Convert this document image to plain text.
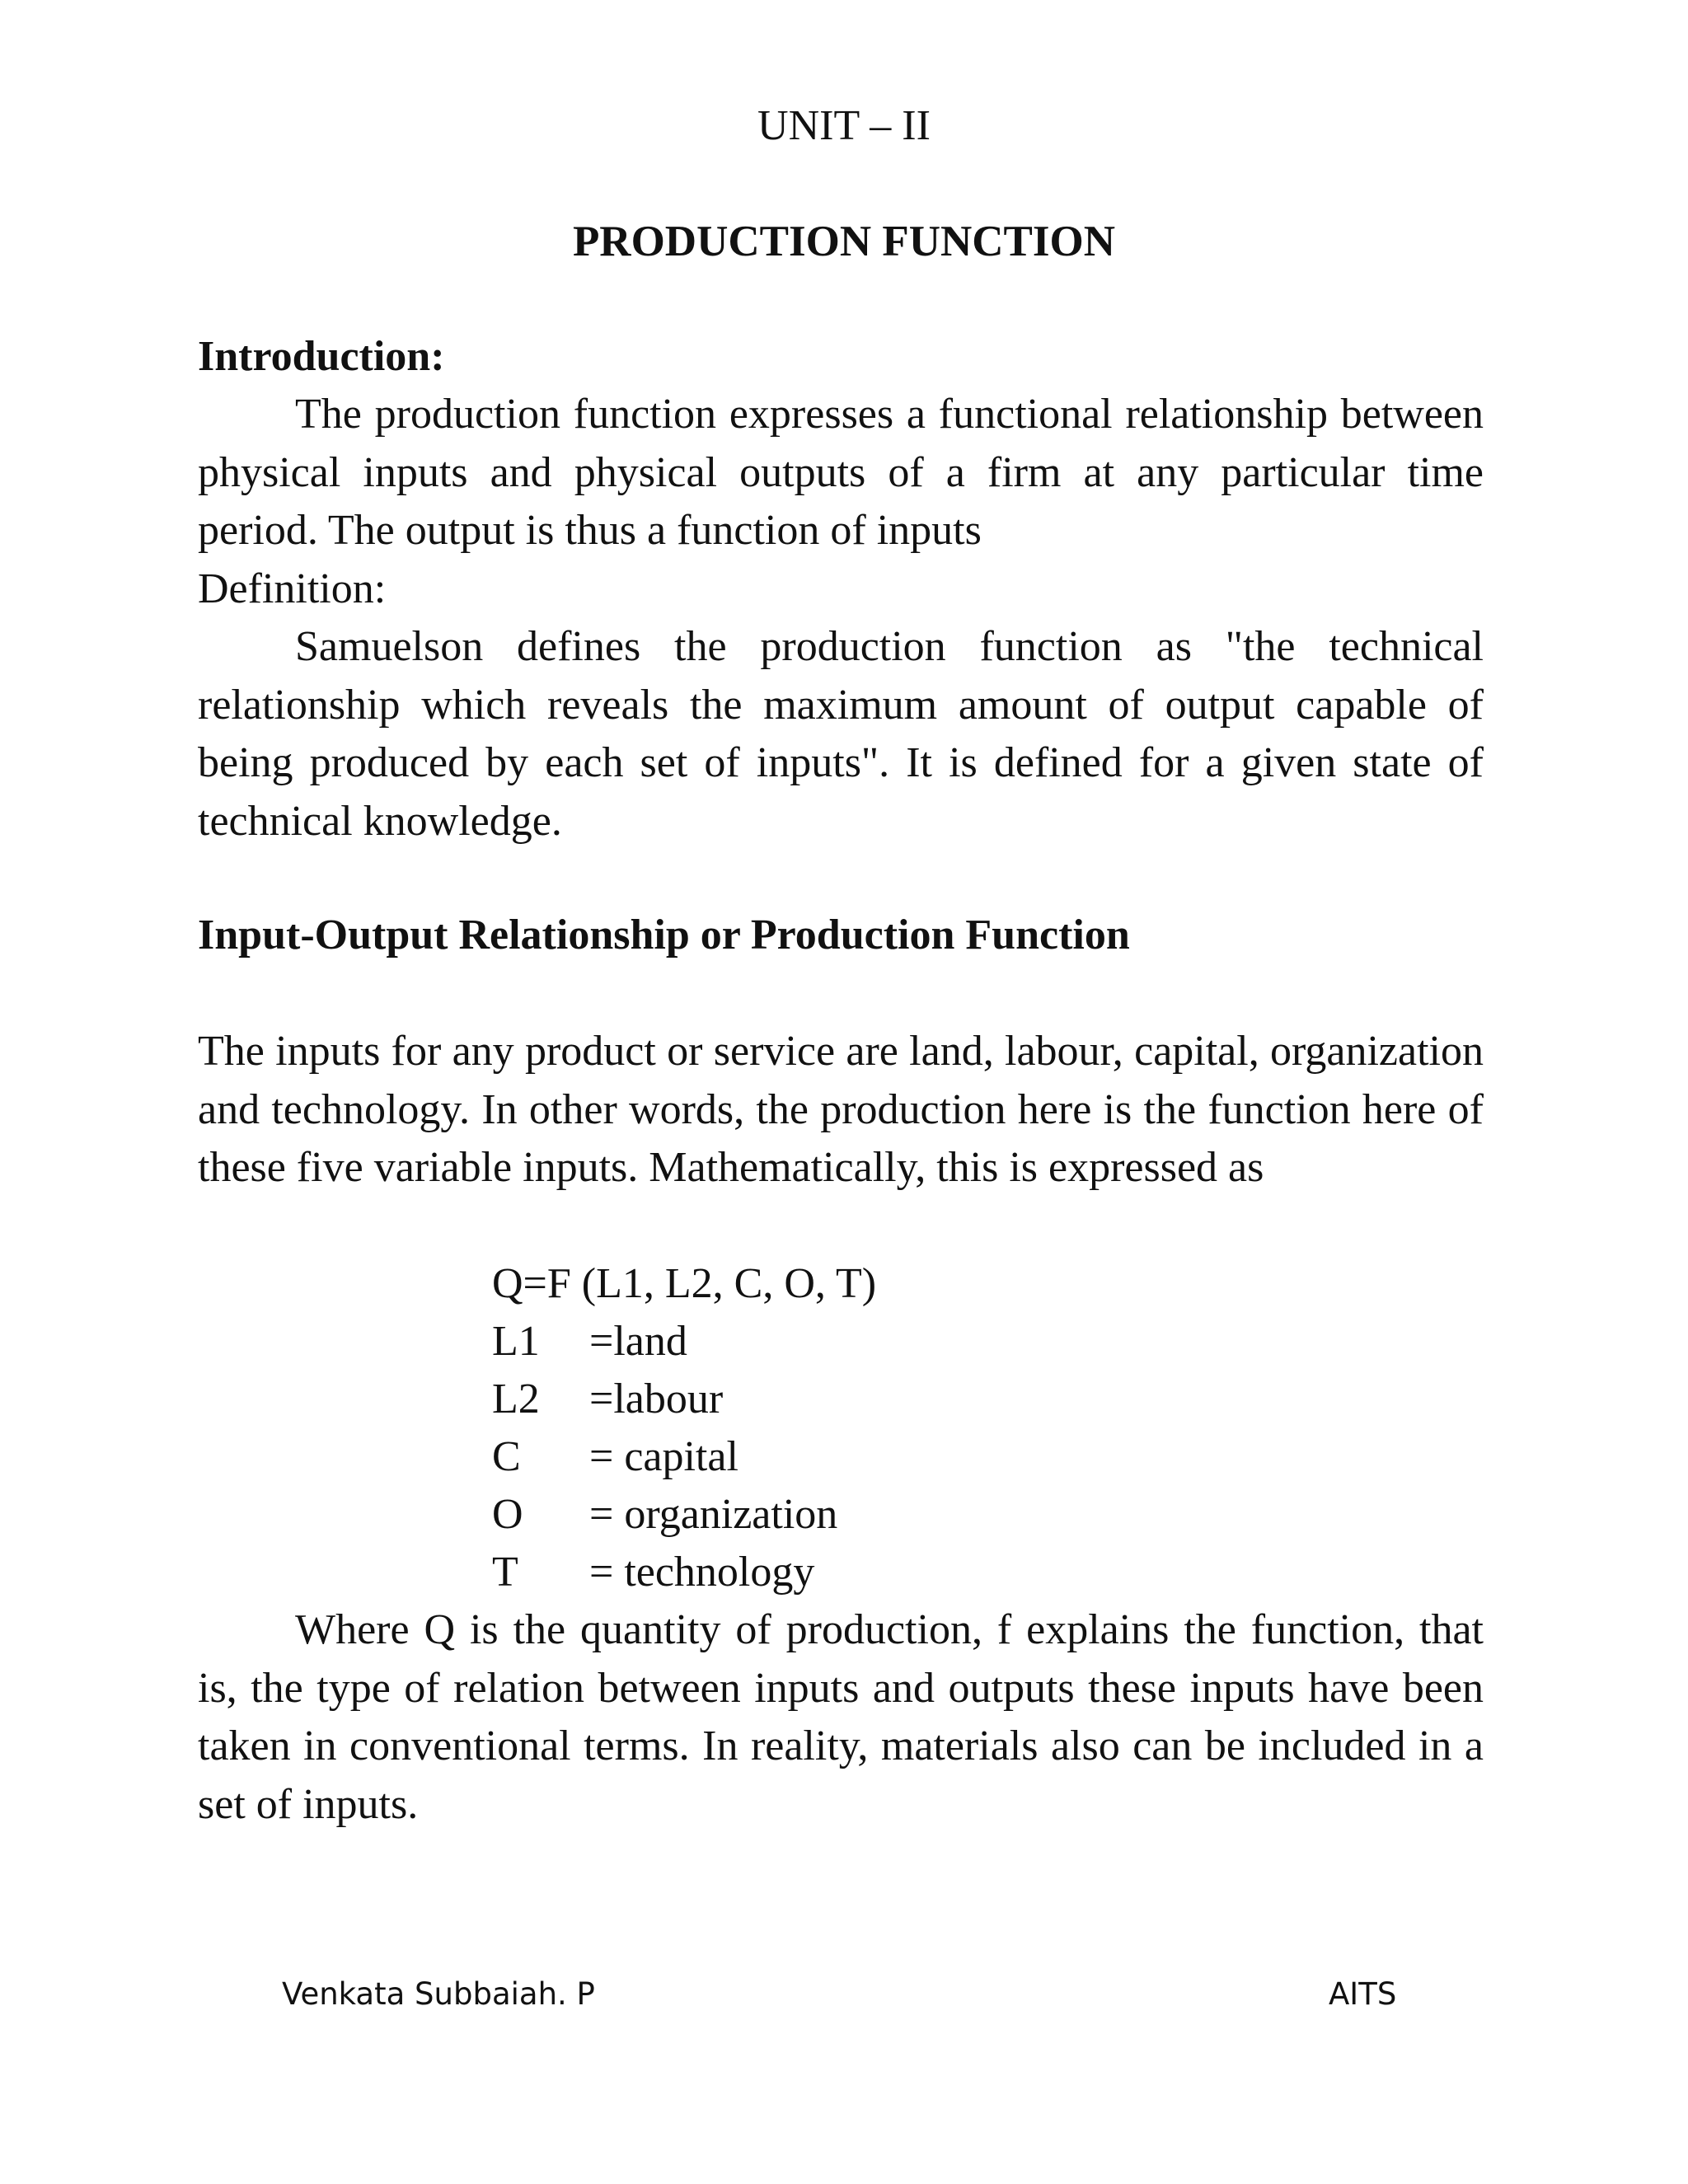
UNIT – II
PRODUCTION FUNCTION
Introduction:

The production function expresses a functional relationship between physical inputs and physical outputs of a firm at any particular time period. The output is thus a function of inputs

Definition:

Samuelson defines the production function as "the technical relationship which reveals the maximum amount of output capable of being produced by each set of inputs". It is defined for a given state of technical knowledge.

Input-Output Relationship or Production Function

The inputs for any product or service are land, labour, capital, organization and technology. In other words, the production here is the function here of these five variable inputs. Mathematically, this is expressed as

Q=F (L1, L2, C, O, T)
L1 =land
L2 =labour
C = capital
O = organization
T = technology

Where Q is the quantity of production, f explains the function, that is, the type of relation between inputs and outputs these inputs have been taken in conventional terms. In reality, materials also can be included in a set of inputs.

Venkata Subbaiah. P	AITS
